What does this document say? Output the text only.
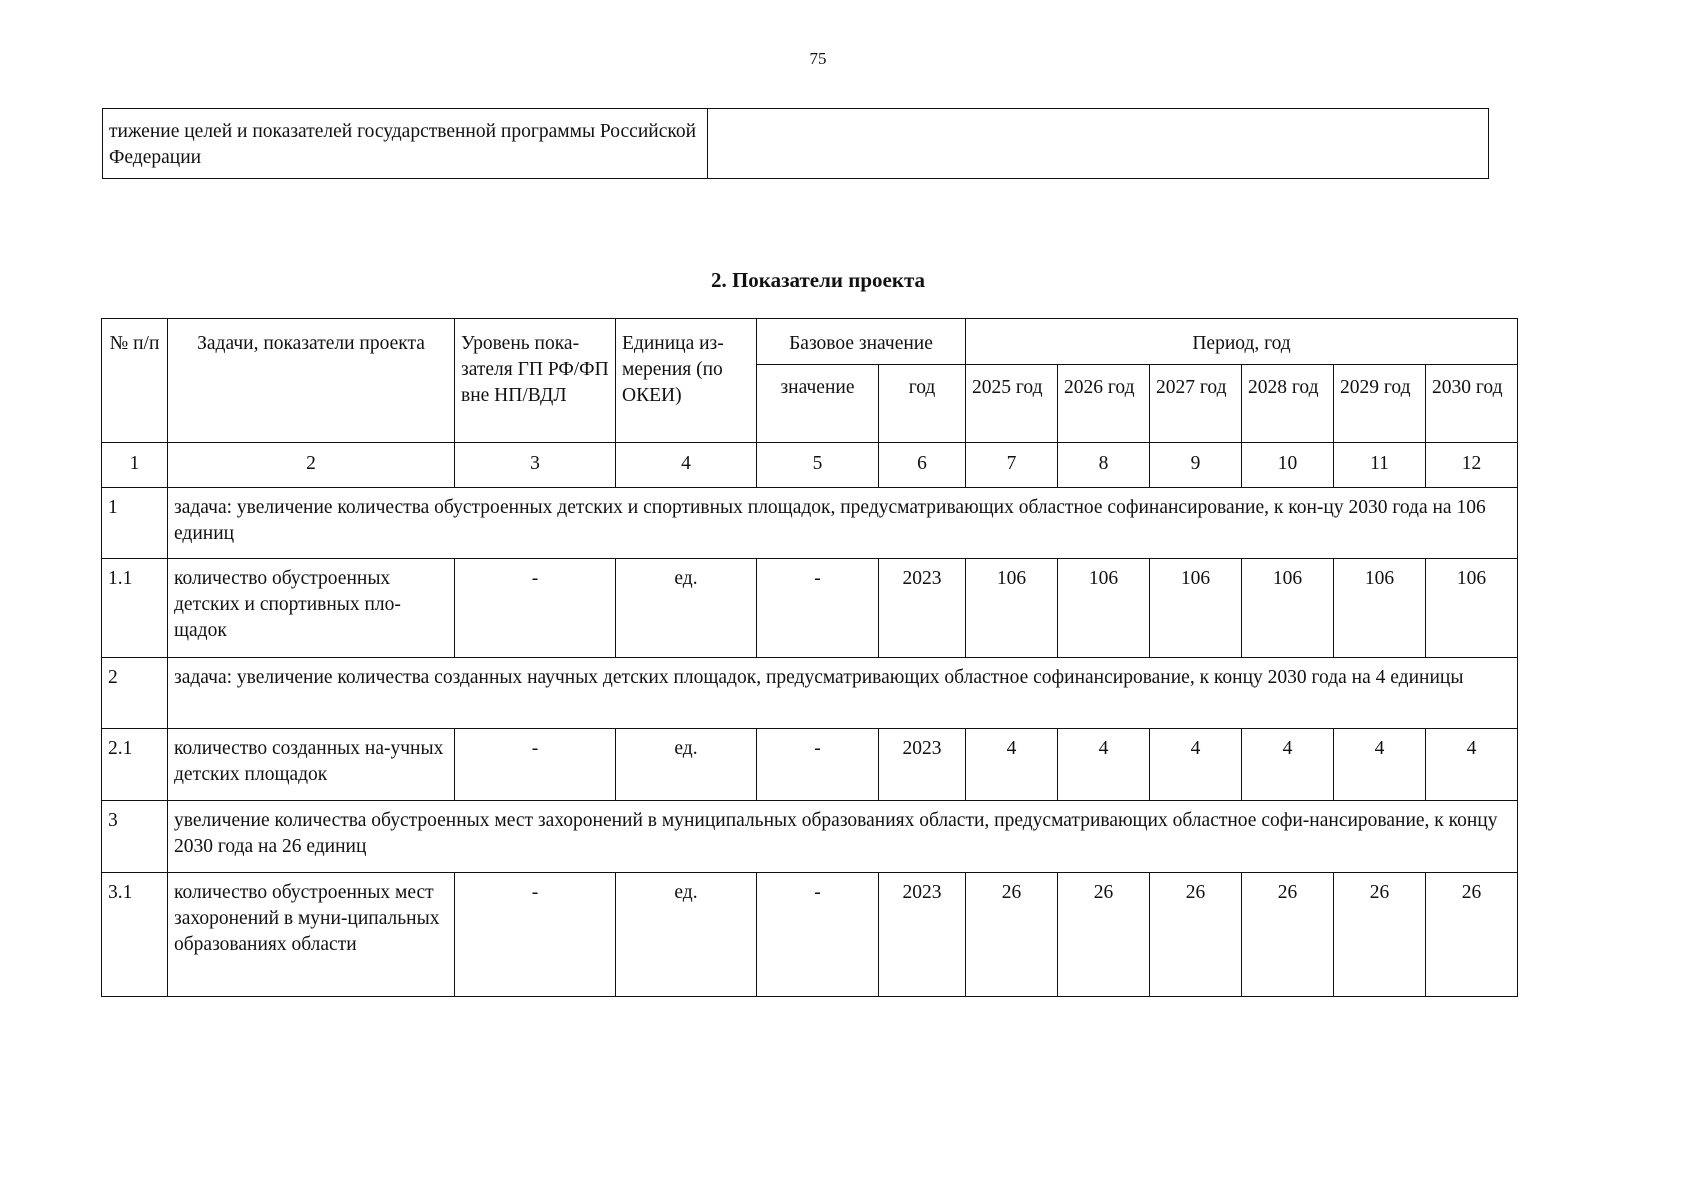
75
тижение целей и показателей государственной программы Российской Федерации	
2. Показатели проекта
№ п/п	Задачи, показатели проекта	Уровень пока-зателя ГП РФ/ФП вне НП/ВДЛ	Единица из-мерения (по ОКЕИ)	Базовое значение		Период, год					
				значение	год	2025 год	2026 год	2027 год	2028 год	2029 год	2030 год
1	2	3	4	5	6	7	8	9	10	11	12
1	задача: увеличение количества обустроенных детских и спортивных площадок, предусматривающих областное софинансирование, к кон-цу 2030 года на 106 единиц										
1.1	количество обустроенных детских и спортивных пло-щадок	-	ед.	-	2023	106	106	106	106	106	106
2	задача: увеличение количества созданных научных детских площадок, предусматривающих областное софинансирование, к концу 2030 года на 4 единицы										
2.1	количество созданных на-учных детских площадок	-	ед.	-	2023	4	4	4	4	4	4
3	увеличение количества обустроенных мест захоронений в муниципальных образованиях области, предусматривающих областное софи-нансирование, к концу 2030 года на 26 единиц										
3.1	количество обустроенных мест захоронений в муни-ципальных образованиях области	-	ед.	-	2023	26	26	26	26	26	26
